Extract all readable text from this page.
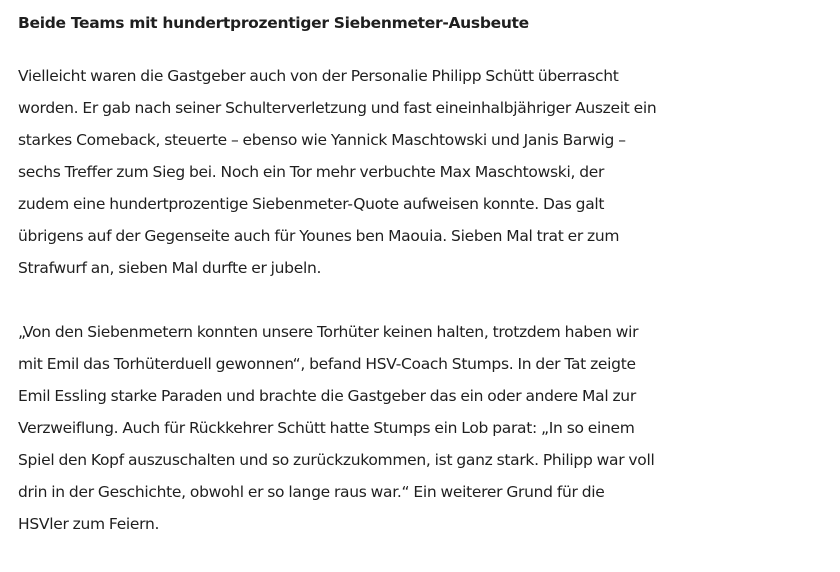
Beide Teams mit hundertprozentiger Siebenmeter-Ausbeute

Vielleicht waren die Gastgeber auch von der Personalie Philipp Schütt überrascht
worden. Er gab nach seiner Schulterverletzung und fast eineinhalbjähriger Auszeit ein
starkes Comeback, steuerte – ebenso wie Yannick Maschtowski und Janis Barwig –
sechs Treffer zum Sieg bei. Noch ein Tor mehr verbuchte Max Maschtowski, der
zudem eine hundertprozentige Siebenmeter-Quote aufweisen konnte. Das galt
übrigens auf der Gegenseite auch für Younes ben Maouia. Sieben Mal trat er zum
Strafwurf an, sieben Mal durfte er jubeln.

„Von den Siebenmetern konnten unsere Torhüter keinen halten, trotzdem haben wir
mit Emil das Torhüterduell gewonnen“, befand HSV-Coach Stumps. In der Tat zeigte
Emil Essling starke Paraden und brachte die Gastgeber das ein oder andere Mal zur
Verzweiflung. Auch für Rückkehrer Schütt hatte Stumps ein Lob parat: „In so einem
Spiel den Kopf auszuschalten und so zurückzukommen, ist ganz stark. Philipp war voll
drin in der Geschichte, obwohl er so lange raus war.“ Ein weiterer Grund für die
HSVler zum Feiern.
